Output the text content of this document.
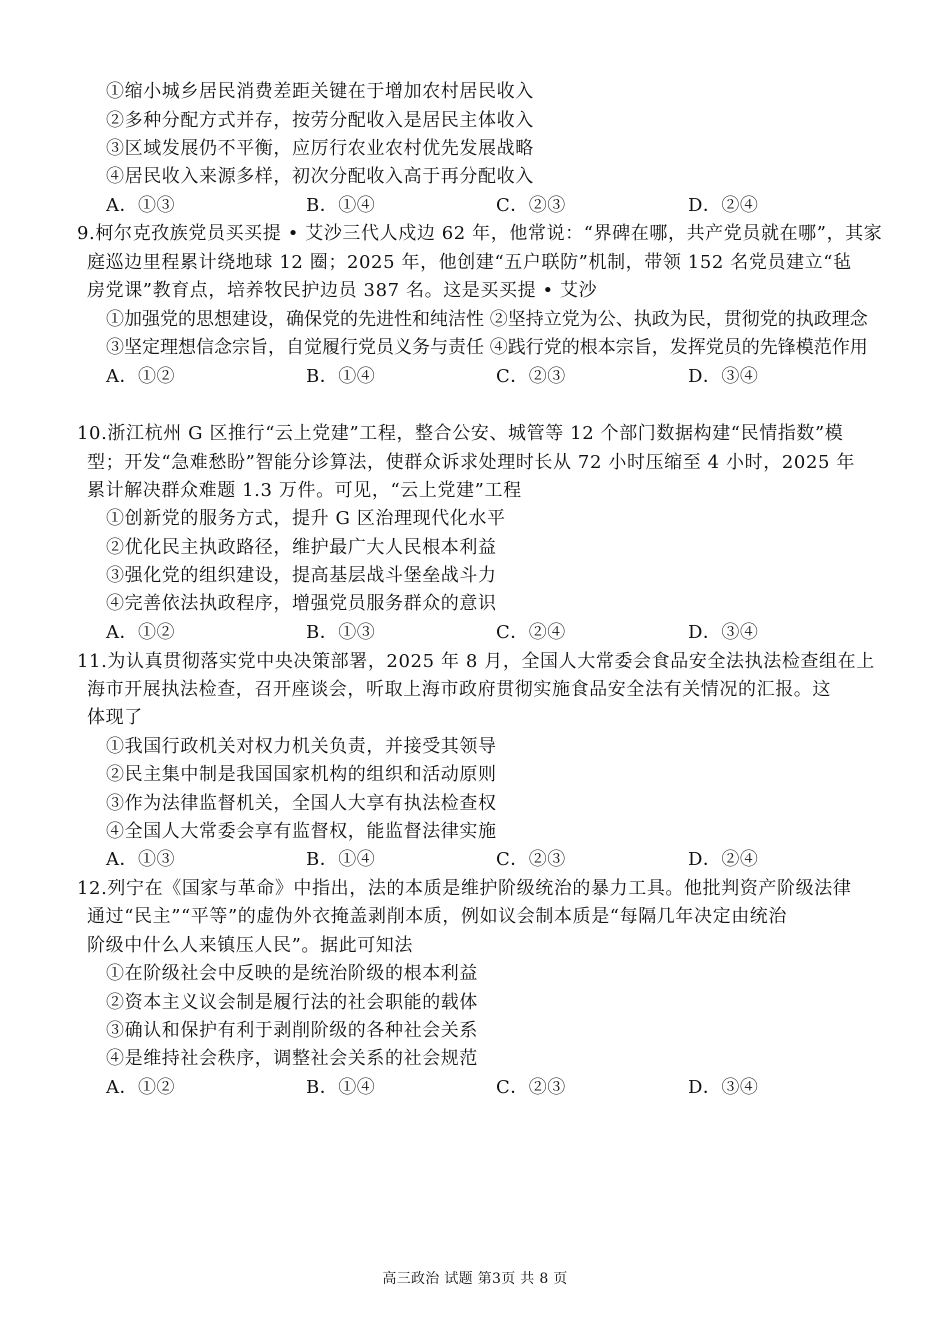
①缩小城乡居民消费差距关键在于增加农村居民收入
②多种分配方式并存，按劳分配收入是居民主体收入
③区域发展仍不平衡，应厉行农业农村优先发展战略
④居民收入来源多样，初次分配收入高于再分配收入
A．①③	B．①④	C．②③	D．②④
9.柯尔克孜族党员买买提 • 艾沙三代人戍边 62 年，他常说：“界碑在哪，共产党员就在哪”，其家
庭巡边里程累计绕地球 12 圈；2025 年，他创建“五户联防”机制，带领 152 名党员建立“毡
房党课”教育点，培养牧民护边员 387 名。这是买买提 • 艾沙
①加强党的思想建设，确保党的先进性和纯洁性 ②坚持立党为公、执政为民，贯彻党的执政理念
③坚定理想信念宗旨，自觉履行党员义务与责任 ④践行党的根本宗旨，发挥党员的先锋模范作用
A．①②	B．①④	C．②③	D．③④
10.浙江杭州 G 区推行“云上党建”工程，整合公安、城管等 12 个部门数据构建“民情指数”模
型；开发“急难愁盼”智能分诊算法，使群众诉求处理时长从 72 小时压缩至 4 小时，2025 年
累计解决群众难题 1.3 万件。可见，“云上党建”工程
①创新党的服务方式，提升 G 区治理现代化水平
②优化民主执政路径，维护最广大人民根本利益
③强化党的组织建设，提高基层战斗堡垒战斗力
④完善依法执政程序，增强党员服务群众的意识
A．①②	B．①③	C．②④	D．③④
11.为认真贯彻落实党中央决策部署，2025 年 8 月，全国人大常委会食品安全法执法检查组在上
海市开展执法检查，召开座谈会，听取上海市政府贯彻实施食品安全法有关情况的汇报。这
体现了
①我国行政机关对权力机关负责，并接受其领导
②民主集中制是我国国家机构的组织和活动原则
③作为法律监督机关，全国人大享有执法检查权
④全国人大常委会享有监督权，能监督法律实施
A．①③	B．①④	C．②③	D．②④
12.列宁在《国家与革命》中指出，法的本质是维护阶级统治的暴力工具。他批判资产阶级法律
通过“民主”“平等”的虚伪外衣掩盖剥削本质，例如议会制本质是“每隔几年决定由统治
阶级中什么人来镇压人民”。据此可知法
①在阶级社会中反映的是统治阶级的根本利益
②资本主义议会制是履行法的社会职能的载体
③确认和保护有利于剥削阶级的各种社会关系
④是维持社会秩序，调整社会关系的社会规范
A．①②	B．①④	C．②③	D．③④
高三政治 试题 第3页 共 8 页
